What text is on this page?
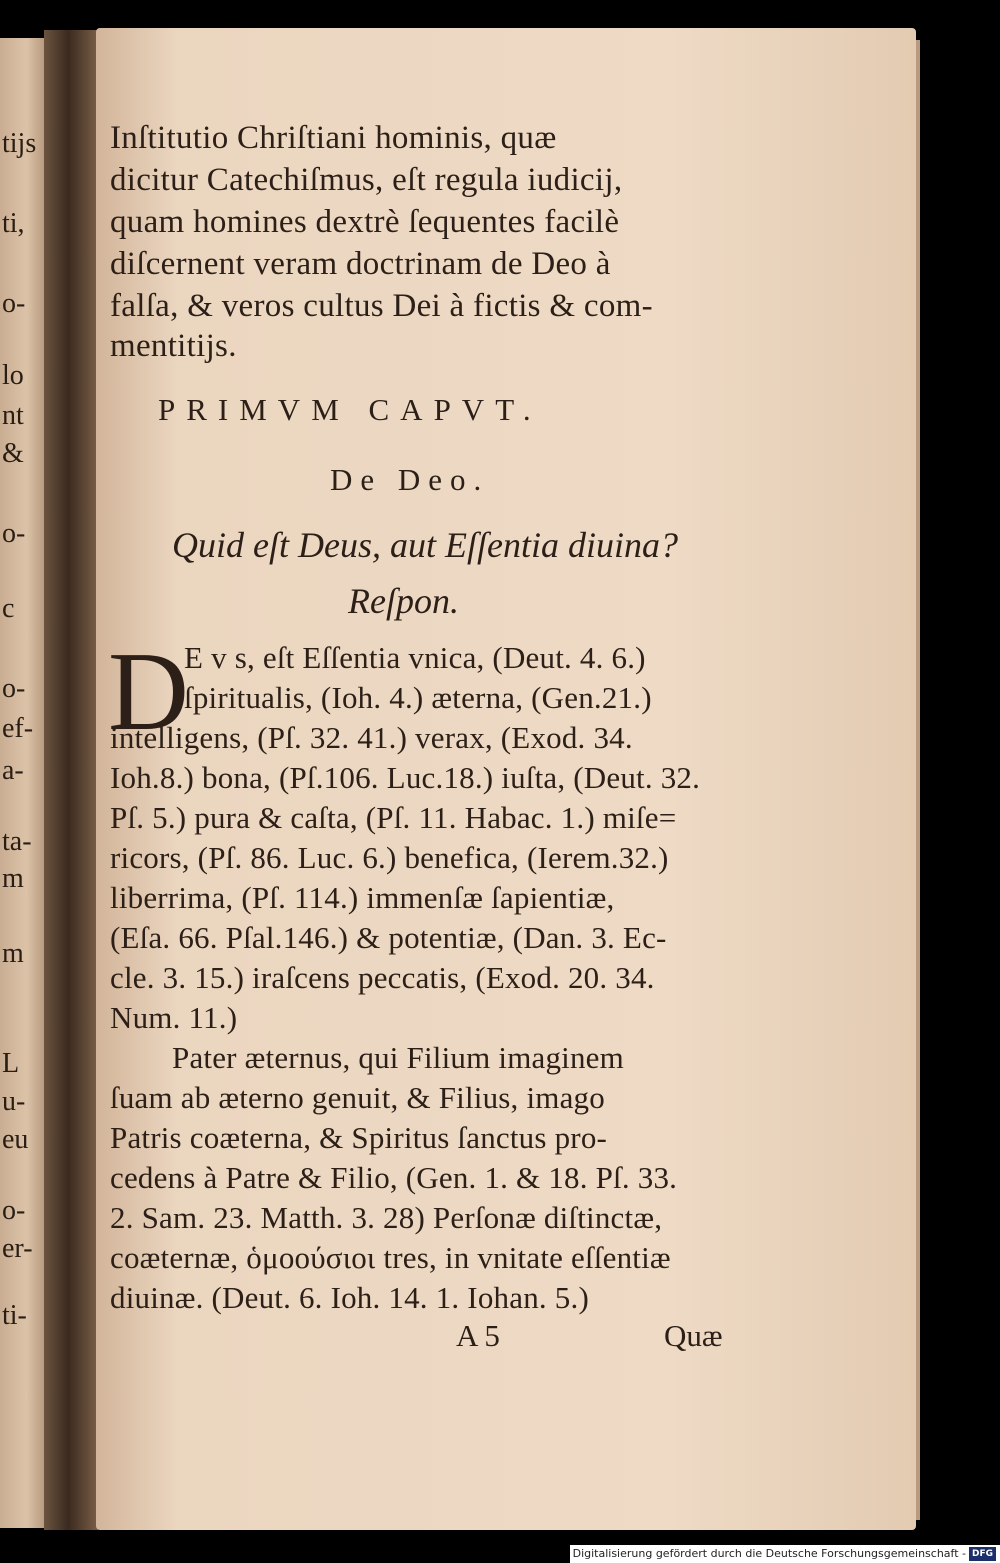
tijs
ti,
o-
lo
nt
&
o-
c
o-
ef-
a-
ta-
m
m
L
u-
eu
o-
er-
ti-
Inſtitutio Chriſtiani hominis, quæ
dicitur Catechiſmus, eſt regula iudicij,
quam homines dextrè ſequentes facilè
diſcernent veram doctrinam de Deo à
falſa, & veros cultus Dei à fictis & com-
mentitijs.
PRIMVM CAPVT.
De Deo.
Quid eſt Deus, aut Eſſentia diuina?
Reſpon.
D
E v s, eſt Eſſentia vnica, (Deut. 4. 6.)
ſpiritualis, (Ioh. 4.) æterna, (Gen.21.)
intelligens, (Pſ. 32. 41.) verax, (Exod. 34.
Ioh.8.) bona, (Pſ.106. Luc.18.) iuſta, (Deut. 32.
Pſ. 5.) pura & caſta, (Pſ. 11. Habac. 1.) miſe=
ricors, (Pſ. 86. Luc. 6.) benefica, (Ierem.32.)
liberrima, (Pſ. 114.) immenſæ ſapientiæ,
(Eſa. 66. Pſal.146.) & potentiæ, (Dan. 3. Ec-
cle. 3. 15.) iraſcens peccatis, (Exod. 20. 34.
Num. 11.)
Pater æternus, qui Filium imaginem
ſuam ab æterno genuit, & Filius, imago
Patris coæterna, & Spiritus ſanctus pro-
cedens à Patre & Filio, (Gen. 1. & 18. Pſ. 33.
2. Sam. 23. Matth. 3. 28) Perſonæ diſtinctæ,
coæternæ, ὁμοούσιοι tres, in vnitate eſſentiæ
diuinæ. (Deut. 6. Ioh. 14. 1. Iohan. 5.)
A 5	Quæ
Digitalisierung gefördert durch die Deutsche Forschungsgemeinschaft - DFG
